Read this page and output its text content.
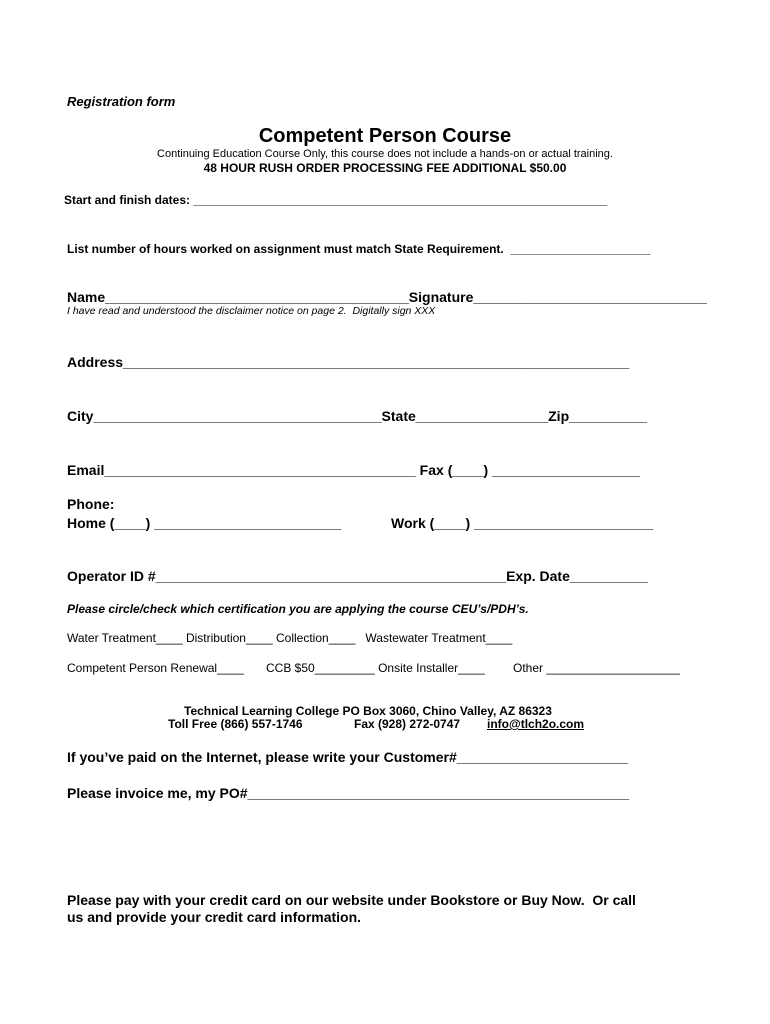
Registration form
Competent Person Course
Continuing Education Course Only, this course does not include a hands-on or actual training.
48 HOUR RUSH ORDER PROCESSING FEE ADDITIONAL $50.00
Start and finish dates: ______________________________________________________________
List number of hours worked on assignment must match State Requirement.  _____________________
Name_______________________________________Signature______________________________
I have read and understood the disclaimer notice on page 2.  Digitally sign XXX
Address_________________________________________________________________
City_____________________________________State_________________Zip__________
Email________________________________________ Fax (____) ___________________
Phone:
Home (____) ________________________	Work (____) _______________________
Operator ID #_____________________________________________Exp. Date__________
Please circle/check which certification you are applying the course CEU’s/PDH’s.
Water Treatment____ Distribution____ Collection____   Wastewater Treatment____
Competent Person Renewal____ CCB $50_________ Onsite Installer____ Other ____________________
Technical Learning College PO Box 3060, Chino Valley, AZ 86323
Toll Free (866) 557-1746	Fax (928) 272-0747 info@tlch2o.com
If you’ve paid on the Internet, please write your Customer#______________________
Please invoice me, my PO#_________________________________________________
Please pay with your credit card on our website under Bookstore or Buy Now.  Or call
us and provide your credit card information.
